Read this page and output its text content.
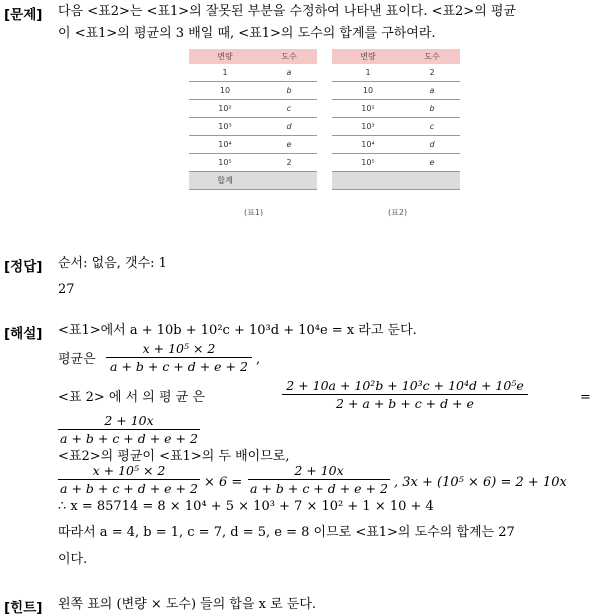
[문제] 다음 <표2>는 <표1>의 잘못된 부분을 수정하여 나타낸 표이다. <표2>의 평균
이 <표1>의 평균의 3 배일 때, <표1>의 도수의 합계를 구하여라.
변량	도수
1	a
10	b
10²	c
10³	d
10⁴	e
10⁵	2
합계	
(표1)
변량	도수
1	2
10	a
10²	b
10³	c
10⁴	d
10⁵	e

(표2)
[정답] 순서: 없음, 갯수: 1
27
[해설] <표1>에서 a + 10b + 10²c + 10³d + 10⁴e = x 라고 둔다.
평균은
x + 10⁵ × 2
a + b + c + d + e + 2 ,
<표 2> 에 서 의 평 균 은
2 + 10a + 10²b + 10³c + 10⁴d + 10⁵e
2 + a + b + c + d + e	=
2 + 10x
a + b + c + d + e + 2
<표2>의 평균이 <표1>의 두 배이므로,
x + 10⁵ × 2
a + b + c + d + e + 2 × 6 =
2 + 10x
a + b + c + d + e + 2 , 3x + (10⁵ × 6) = 2 + 10x
∴ x = 85714 = 8 × 10⁴ + 5 × 10³ + 7 × 10² + 1 × 10 + 4
따라서 a = 4, b = 1, c = 7, d = 5, e = 8 이므로 <표1>의 도수의 합계는 27
이다.
[힌트] 왼쪽 표의 (변량 × 도수) 들의 합을 x 로 둔다.
